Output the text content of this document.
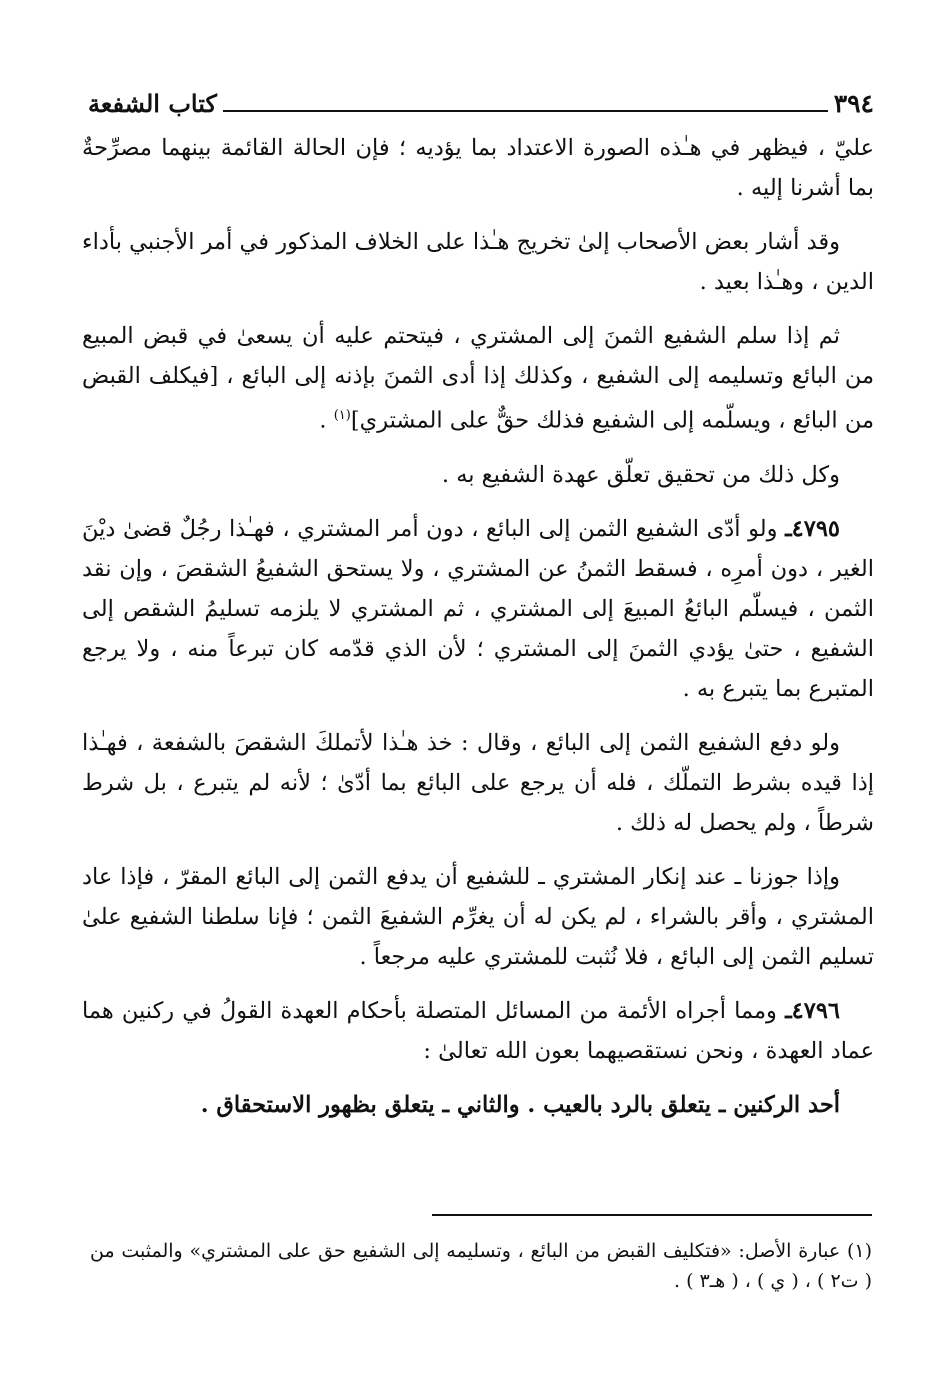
٣٩٤
كتاب الشفعة

عليّ ، فيظهر في هـٰذه الصورة الاعتداد بما يؤديه ؛ فإن الحالة القائمة بينهما مصرِّحةٌ بما أشرنا إليه .

وقد أشار بعض الأصحاب إلىٰ تخريج هـٰذا على الخلاف المذكور في أمر الأجنبي بأداء الدين ، وهـٰذا بعيد .

ثم إذا سلم الشفيع الثمنَ إلى المشتري ، فيتحتم عليه أن يسعىٰ في قبض المبيع من البائع وتسليمه إلى الشفيع ، وكذلك إذا أدى الثمنَ بإذنه إلى البائع ، [فيكلف القبض من البائع ، ويسلّمه إلى الشفيع فذلك حقٌّ على المشتري]$^{(١)}$ .

وكل ذلك من تحقيق تعلّق عهدة الشفيع به .

٤٧٩٥ـ ولو أدّى الشفيع الثمن إلى البائع ، دون أمر المشتري ، فهـٰذا رجُلٌ قضىٰ ديْنَ الغير ، دون أمرِه ، فسقط الثمنُ عن المشتري ، ولا يستحق الشفيعُ الشقصَ ، وإن نقد الثمن ، فيسلّم البائعُ المبيعَ إلى المشتري ، ثم المشتري لا يلزمه تسليمُ الشقص إلى الشفيع ، حتىٰ يؤدي الثمنَ إلى المشتري ؛ لأن الذي قدّمه كان تبرعاً منه ، ولا يرجع المتبرع بما يتبرع به .

ولو دفع الشفيع الثمن إلى البائع ، وقال : خذ هـٰذا لأتملكَ الشقصَ بالشفعة ، فهـٰذا إذا قيده بشرط التملّك ، فله أن يرجع على البائع بما أدّىٰ ؛ لأنه لم يتبرع ، بل شرط شرطاً ، ولم يحصل له ذلك .

وإذا جوزنا ـ عند إنكار المشتري ـ للشفيع أن يدفع الثمن إلى البائع المقرّ ، فإذا عاد المشتري ، وأقر بالشراء ، لم يكن له أن يغرِّم الشفيعَ الثمن ؛ فإنا سلطنا الشفيع علىٰ تسليم الثمن إلى البائع ، فلا نُثبت للمشتري عليه مرجعاً .

٤٧٩٦ـ ومما أجراه الأئمة من المسائل المتصلة بأحكام العهدة القولُ في ركنين هما عماد العهدة ، ونحن نستقصيهما بعون الله تعالىٰ :

أحد الركنين ـ يتعلق بالرد بالعيب . والثاني ـ يتعلق بظهور الاستحقاق .

(١) عبارة الأصل: «فتكليف القبض من البائع ، وتسليمه إلى الشفيع حق على المشتري» والمثبت من ( ت٢ ) ، ( ي ) ، ( هـ٣ ) .
